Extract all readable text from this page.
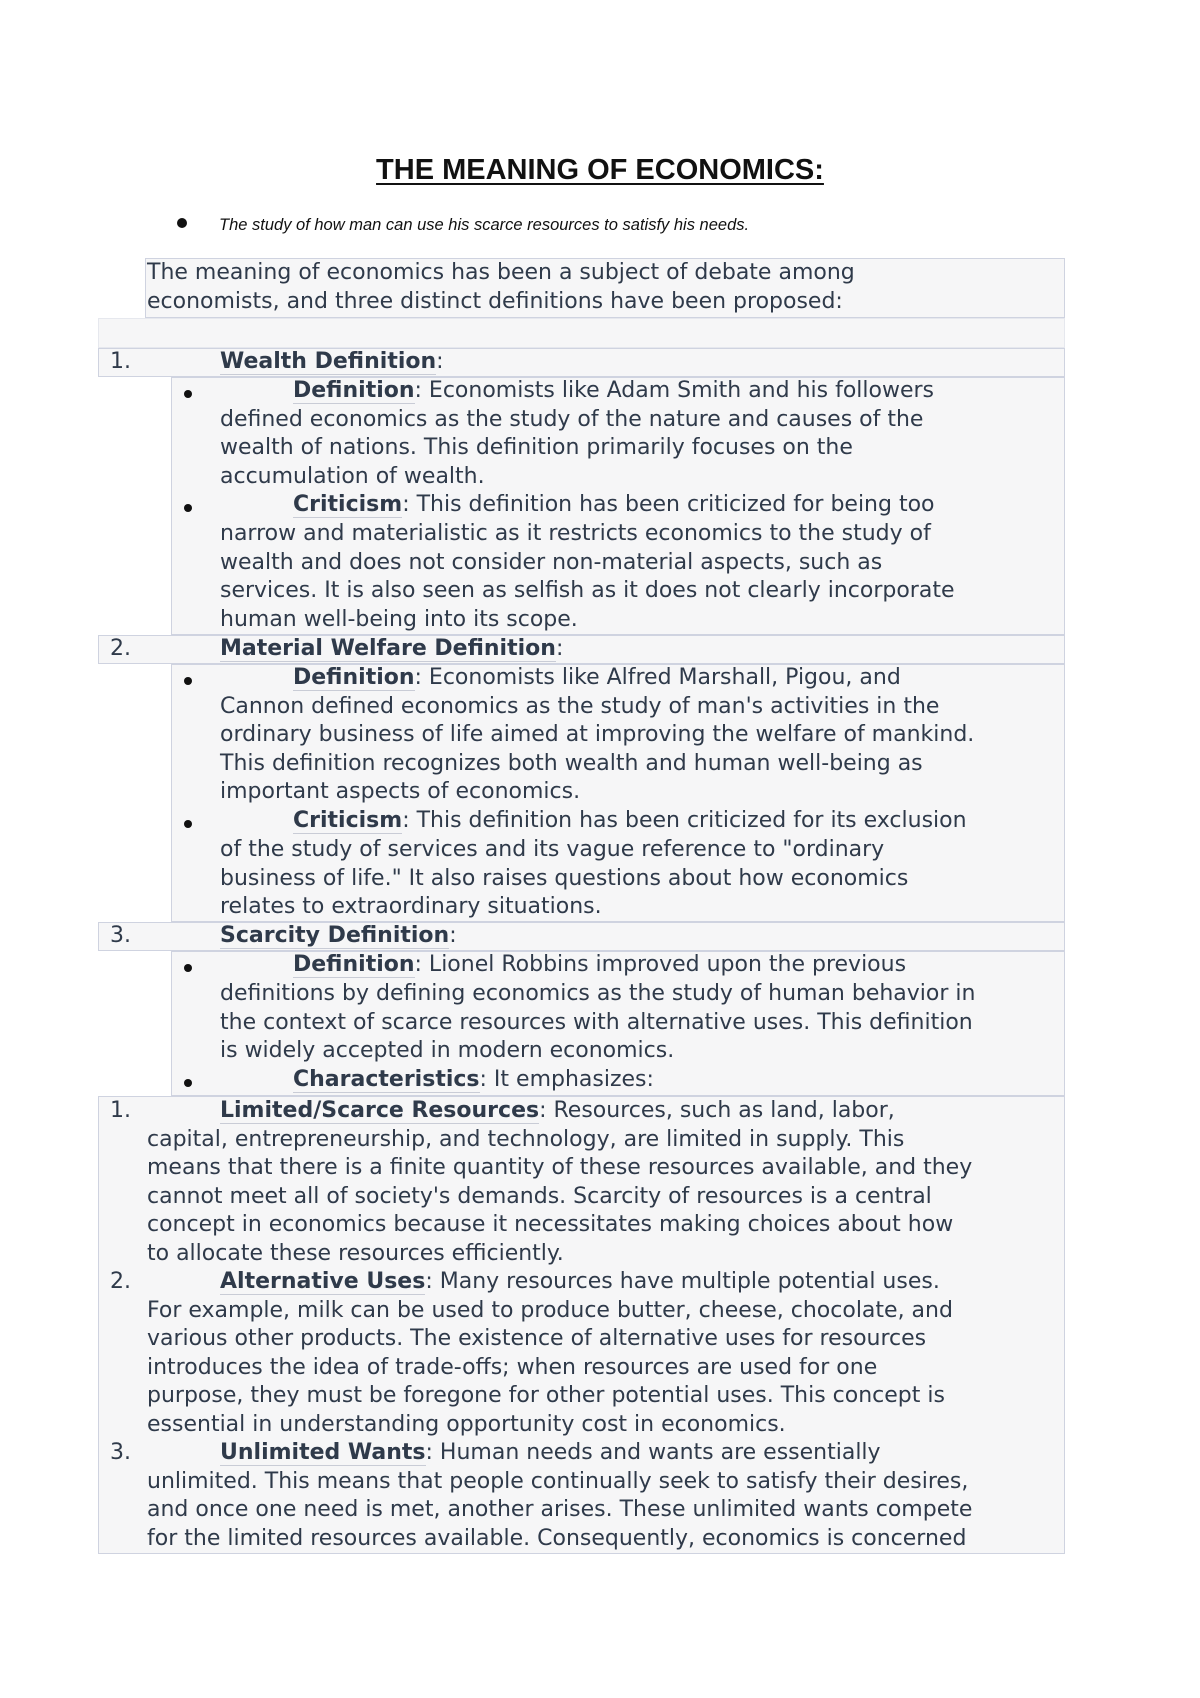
THE MEANING OF ECONOMICS:
The study of how man can use his scarce resources to satisfy his needs.

The meaning of economics has been a subject of debate among

economists, and three distinct definitions have been proposed:

1.	Wealth Definition:

Definition: Economists like Adam Smith and his followers

defined economics as the study of the nature and causes of the

wealth of nations. This definition primarily focuses on the

accumulation of wealth.

Criticism: This definition has been criticized for being too

narrow and materialistic as it restricts economics to the study of

wealth and does not consider non-material aspects, such as

services. It is also seen as selfish as it does not clearly incorporate

human well-being into its scope.

2.	Material Welfare Definition:

Definition: Economists like Alfred Marshall, Pigou, and

Cannon defined economics as the study of man's activities in the

ordinary business of life aimed at improving the welfare of mankind.

This definition recognizes both wealth and human well-being as

important aspects of economics.

Criticism: This definition has been criticized for its exclusion

of the study of services and its vague reference to "ordinary

business of life." It also raises questions about how economics

relates to extraordinary situations.

3.	Scarcity Definition:

Definition: Lionel Robbins improved upon the previous

definitions by defining economics as the study of human behavior in

the context of scarce resources with alternative uses. This definition

is widely accepted in modern economics.

Characteristics: It emphasizes:

1.	Limited/Scarce Resources: Resources, such as land, labor,

capital, entrepreneurship, and technology, are limited in supply. This

means that there is a finite quantity of these resources available, and they

cannot meet all of society's demands. Scarcity of resources is a central

concept in economics because it necessitates making choices about how

to allocate these resources efficiently.

2.	Alternative Uses: Many resources have multiple potential uses.

For example, milk can be used to produce butter, cheese, chocolate, and

various other products. The existence of alternative uses for resources

introduces the idea of trade-offs; when resources are used for one

purpose, they must be foregone for other potential uses. This concept is

essential in understanding opportunity cost in economics.

3.	Unlimited Wants: Human needs and wants are essentially

unlimited. This means that people continually seek to satisfy their desires,

and once one need is met, another arises. These unlimited wants compete

for the limited resources available. Consequently, economics is concerned
